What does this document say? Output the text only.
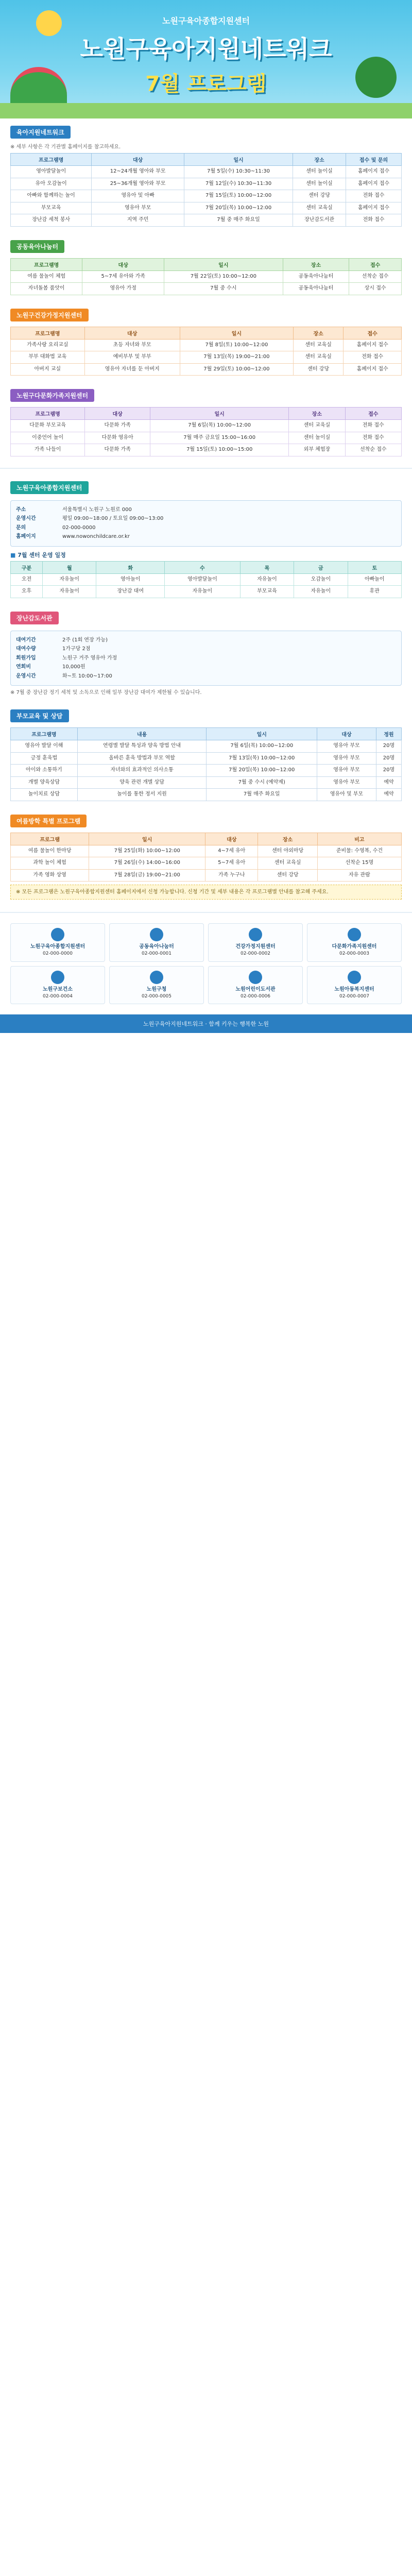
노원구육아종합지원센터
노원구육아지원네트워크
7월 프로그램
육아지원네트워크
※ 세부 사항은 각 기관별 홈페이지를 참고하세요.
프로그램명	대상	일시	장소	접수 및 문의
영아발달놀이	12~24개월 영아와 부모	7월 5일(수) 10:30~11:30	센터 놀이실	홈페이지 접수
유아 오감놀이	25~36개월 영아와 부모	7월 12일(수) 10:30~11:30	센터 놀이실	홈페이지 접수
아빠와 함께하는 놀이	영유아 및 아빠	7월 15일(토) 10:00~12:00	센터 강당	전화 접수
부모교육	영유아 부모	7월 20일(목) 10:00~12:00	센터 교육실	홈페이지 접수
장난감 세척 봉사	지역 주민	7월 중 매주 화요일	장난감도서관	전화 접수
공동육아나눔터
프로그램명	대상	일시	장소	접수
여름 물놀이 체험	5~7세 유아와 가족	7월 22일(토) 10:00~12:00	공동육아나눔터	선착순 접수
자녀돌봄 품앗이	영유아 가정	7월 중 수시	공동육아나눔터	상시 접수
노원구건강가정지원센터
프로그램명	대상	일시	장소	접수
가족사랑 요리교실	초등 자녀와 부모	7월 8일(토) 10:00~12:00	센터 교육실	홈페이지 접수
부부 대화법 교육	예비부부 및 부부	7월 13일(목) 19:00~21:00	센터 교육실	전화 접수
아버지 교실	영유아 자녀를 둔 아버지	7월 29일(토) 10:00~12:00	센터 강당	홈페이지 접수
노원구다문화가족지원센터
프로그램명	대상	일시	장소	접수
다문화 부모교육	다문화 가족	7월 6일(목) 10:00~12:00	센터 교육실	전화 접수
이중언어 놀이	다문화 영유아	7월 매주 금요일 15:00~16:00	센터 놀이실	전화 접수
가족 나들이	다문화 가족	7월 15일(토) 10:00~15:00	외부 체험장	선착순 접수
노원구육아종합지원센터
주소	서울특별시 노원구 노원로 000
운영시간	평일 09:00~18:00 / 토요일 09:00~13:00
문의	02-000-0000
홈페이지	www.nowonchildcare.or.kr
■ 7월 센터 운영 일정
구분	월	화	수	목	금	토
오전	자유놀이	영아놀이	영아발달놀이	자유놀이	오감놀이	아빠놀이
오후	자유놀이	장난감 대여	자유놀이	부모교육	자유놀이	휴관
장난감도서관
대여기간	2주 (1회 연장 가능)
대여수량	1가구당 2점
회원가입	노원구 거주 영유아 가정
연회비	10,000원
운영시간	화~토 10:00~17:00
※ 7월 중 장난감 정기 세척 및 소독으로 인해 일부 장난감 대여가 제한될 수 있습니다.
부모교육 및 상담
프로그램명	내용	일시	대상	정원
영유아 발달 이해	연령별 발달 특성과 양육 방법 안내	7월 6일(목) 10:00~12:00	영유아 부모	20명
긍정 훈육법	올바른 훈육 방법과 부모 역할	7월 13일(목) 10:00~12:00	영유아 부모	20명
아이와 소통하기	자녀와의 효과적인 의사소통	7월 20일(목) 10:00~12:00	영유아 부모	20명
개별 양육상담	양육 관련 개별 상담	7월 중 수시 (예약제)	영유아 부모	예약
놀이치료 상담	놀이를 통한 정서 지원	7월 매주 화요일	영유아 및 부모	예약
여름방학 특별 프로그램
프로그램	일시	대상	장소	비고
여름 물놀이 한마당	7월 25일(화) 10:00~12:00	4~7세 유아	센터 야외마당	준비물: 수영복, 수건
과학 놀이 체험	7월 26일(수) 14:00~16:00	5~7세 유아	센터 교육실	선착순 15명
가족 영화 상영	7월 28일(금) 19:00~21:00	가족 누구나	센터 강당	자유 관람
※ 모든 프로그램은 노원구육아종합지원센터 홈페이지에서 신청 가능합니다. 신청 기간 및 세부 내용은 각 프로그램별 안내를 참고해 주세요.
노원구육아종합지원센터
02-000-0000
공동육아나눔터
02-000-0001
건강가정지원센터
02-000-0002
다문화가족지원센터
02-000-0003
노원구보건소
02-000-0004
노원구청
02-000-0005
노원어린이도서관
02-000-0006
노원아동복지센터
02-000-0007
노원구육아지원네트워크 · 함께 키우는 행복한 노원
